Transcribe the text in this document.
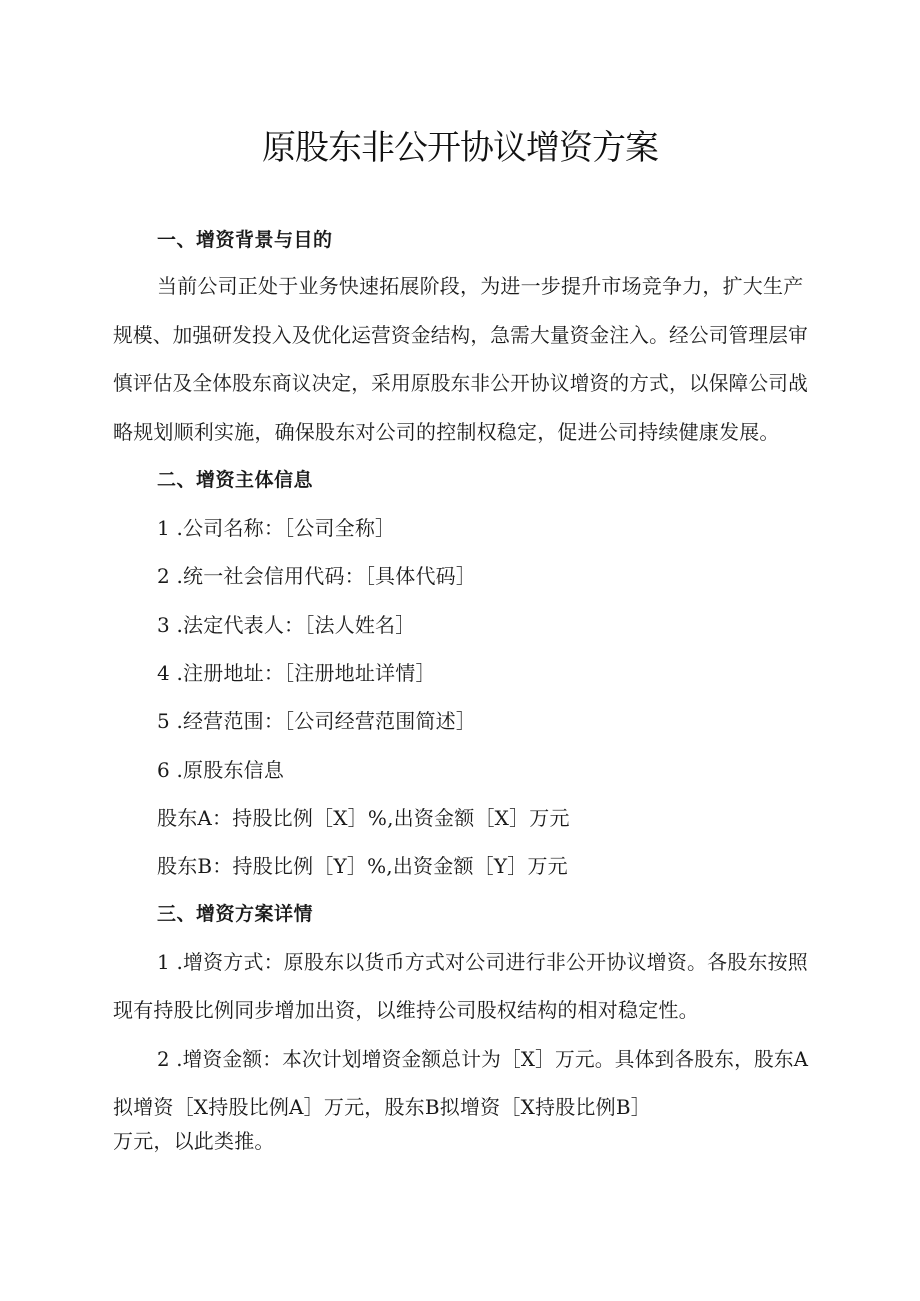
原股东非公开协议增资方案
一、增资背景与目的
当前公司正处于业务快速拓展阶段，为进一步提升市场竞争力，扩大生产
规模、加强研发投入及优化运营资金结构，急需大量资金注入。经公司管理层审
慎评估及全体股东商议决定，采用原股东非公开协议增资的方式，以保障公司战
略规划顺利实施，确保股东对公司的控制权稳定，促进公司持续健康发展。
二、增资主体信息
1 .公司名称：［公司全称］
2 .统一社会信用代码：［具体代码］
3 .法定代表人：［法人姓名］
4 .注册地址：［注册地址详情］
5 .经营范围：［公司经营范围简述］
6 .原股东信息
股东A：持股比例［X］%,出资金额［X］万元
股东B：持股比例［Y］%,出资金额［Y］万元
三、增资方案详情
1 .增资方式：原股东以货币方式对公司进行非公开协议增资。各股东按照
现有持股比例同步增加出资，以维持公司股权结构的相对稳定性。
2 .增资金额：本次计划增资金额总计为［X］万元。具体到各股东，股东A
拟增资［X持股比例A］万元，股东B拟增资［X持股比例B］
万元，以此类推。
